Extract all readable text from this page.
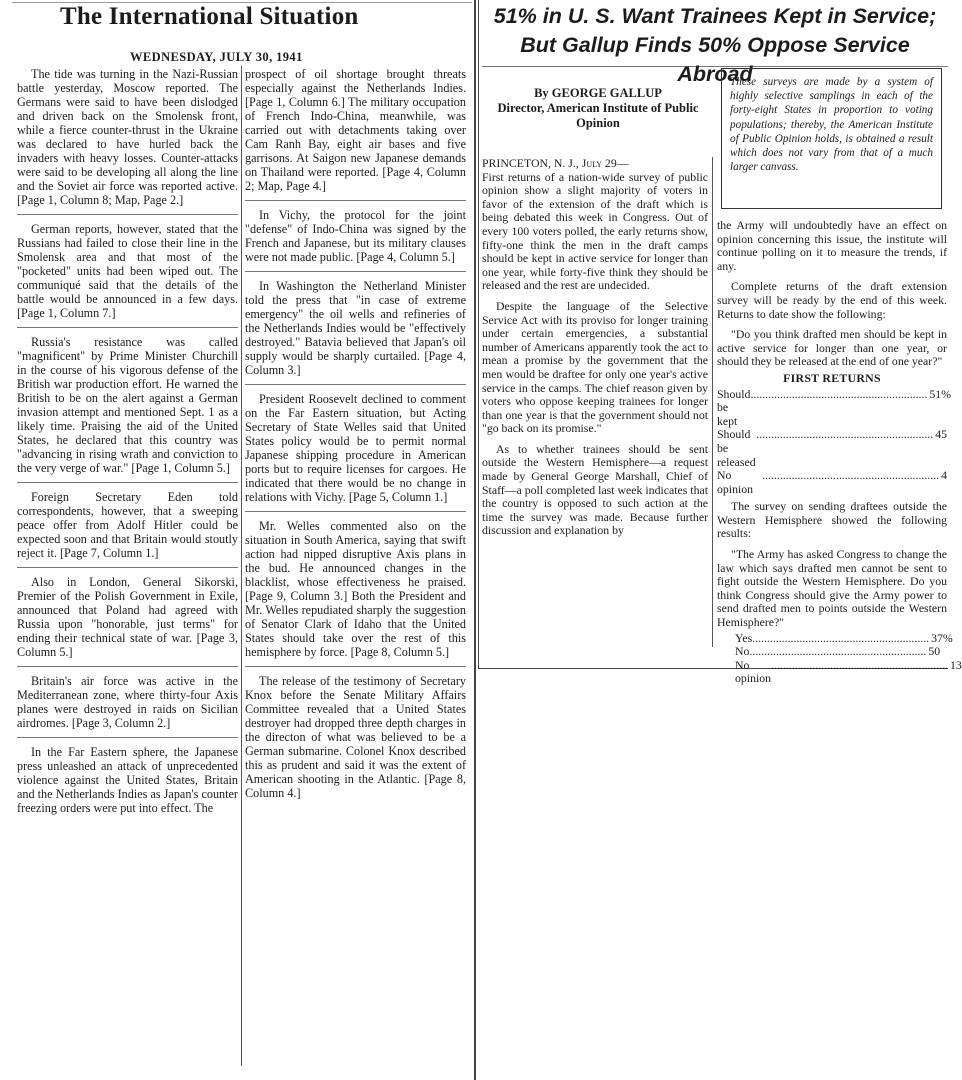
The International Situation
WEDNESDAY, JULY 30, 1941

The tide was turning in the Nazi-Russian battle yesterday, Moscow reported. The Germans were said to have been dislodged and driven back on the Smolensk front, while a fierce counter-thrust in the Ukraine was declared to have hurled back the invaders with heavy losses. Counter-attacks were said to be developing all along the line and the Soviet air force was reported active. [Page 1, Column 8; Map, Page 2.]

German reports, however, stated that the Russians had failed to close their line in the Smolensk area and that most of the "pocketed" units had been wiped out. The communiqué said that the details of the battle would be announced in a few days. [Page 1, Column 7.]

Russia's resistance was called "magnificent" by Prime Minister Churchill in the course of his vigorous defense of the British war production effort. He warned the British to be on the alert against a German invasion attempt and mentioned Sept. 1 as a likely time. Praising the aid of the United States, he declared that this country was "advancing in rising wrath and conviction to the very verge of war." [Page 1, Column 5.]

Foreign Secretary Eden told correspondents, however, that a sweeping peace offer from Adolf Hitler could be expected soon and that Britain would stoutly reject it. [Page 7, Column 1.]

Also in London, General Sikorski, Premier of the Polish Government in Exile, announced that Poland had agreed with Russia upon "honorable, just terms" for ending their technical state of war. [Page 3, Column 5.]

Britain's air force was active in the Mediterranean zone, where thirty-four Axis planes were destroyed in raids on Sicilian airdromes. [Page 3, Column 2.]

In the Far Eastern sphere, the Japanese press unleashed an attack of unprecedented violence against the United States, Britain and the Netherlands Indies as Japan's counter freezing orders were put into effect. The

prospect of oil shortage brought threats especially against the Netherlands Indies. [Page 1, Column 6.] The military occupation of French Indo-China, meanwhile, was carried out with detachments taking over Cam Ranh Bay, eight air bases and five garrisons. At Saigon new Japanese demands on Thailand were reported. [Page 4, Column 2; Map, Page 4.]

In Vichy, the protocol for the joint "defense" of Indo-China was signed by the French and Japanese, but its military clauses were not made public. [Page 4, Column 5.]

In Washington the Netherland Minister told the press that "in case of extreme emergency" the oil wells and refineries of the Netherlands Indies would be "effectively destroyed." Batavia believed that Japan's oil supply would be sharply curtailed. [Page 4, Column 3.]

President Roosevelt declined to comment on the Far Eastern situation, but Acting Secretary of State Welles said that United States policy would be to permit normal Japanese shipping procedure in American ports but to require licenses for cargoes. He indicated that there would be no change in relations with Vichy. [Page 5, Column 1.]

Mr. Welles commented also on the situation in South America, saying that swift action had nipped disruptive Axis plans in the bud. He announced changes in the blacklist, whose effectiveness he praised. [Page 9, Column 3.] Both the President and Mr. Welles repudiated sharply the suggestion of Senator Clark of Idaho that the United States should take over the rest of this hemisphere by force. [Page 8, Column 5.]

The release of the testimony of Secretary Knox before the Senate Military Affairs Committee revealed that a United States destroyer had dropped three depth charges in the directon of what was believed to be a German submarine. Colonel Knox described this as prudent and said it was the extent of American shooting in the Atlantic. [Page 8, Column 4.]

51% in U. S. Want Trainees Kept in Service;
But Gallup Finds 50% Oppose Service Abroad
By GEORGE GALLUP
Director, American Institute of Public Opinion
These surveys are made by a system of highly selective samplings in each of the forty-eight States in proportion to voting populations; thereby, the American Institute of Public Opinion holds, is obtained a result which does not vary from that of a much larger canvass.

PRINCETON, N. J., July 29—

First returns of a nation-wide survey of public opinion show a slight majority of voters in favor of the extension of the draft which is being debated this week in Congress. Out of every 100 voters polled, the early returns show, fifty-one think the men in the draft camps should be kept in active service for longer than one year, while forty-five think they should be released and the rest are undecided.

Despite the language of the Selective Service Act with its proviso for longer training under certain emergencies, a substantial number of Americans apparently took the act to mean a promise by the government that the men would be draftee for only one year's active service in the camps. The chief reason given by voters who oppose keeping trainees for longer than one year is that the government should not "go back on its promise."

As to whether trainees should be sent outside the Western Hemisphere—a request made by General George Marshall, Chief of Staff—a poll completed last week indicates that the country is opposed to such action at the time the survey was made. Because further discussion and explanation by

the Army will undoubtedly have an effect on opinion concerning this issue, the institute will continue polling on it to measure the trends, if any.

Complete returns of the draft extension survey will be ready by the end of this week. Returns to date show the following:

"Do you think drafted men should be kept in active service for longer than one year, or should they be released at the end of one year?"

FIRST RETURNS
Should be kept
............................................................ 51%
Should be released
............................................................ 45
No opinion
............................................................ 4

The survey on sending draftees outside the Western Hemisphere showed the following results:

"The Army has asked Congress to change the law which says drafted men cannot be sent to fight outside the Western Hemisphere. Do you think Congress should give the Army power to send drafted men to points outside the Western Hemisphere?"

Yes ............................................................ 37%
No ............................................................ 50
No opinion
............................................................ 13
